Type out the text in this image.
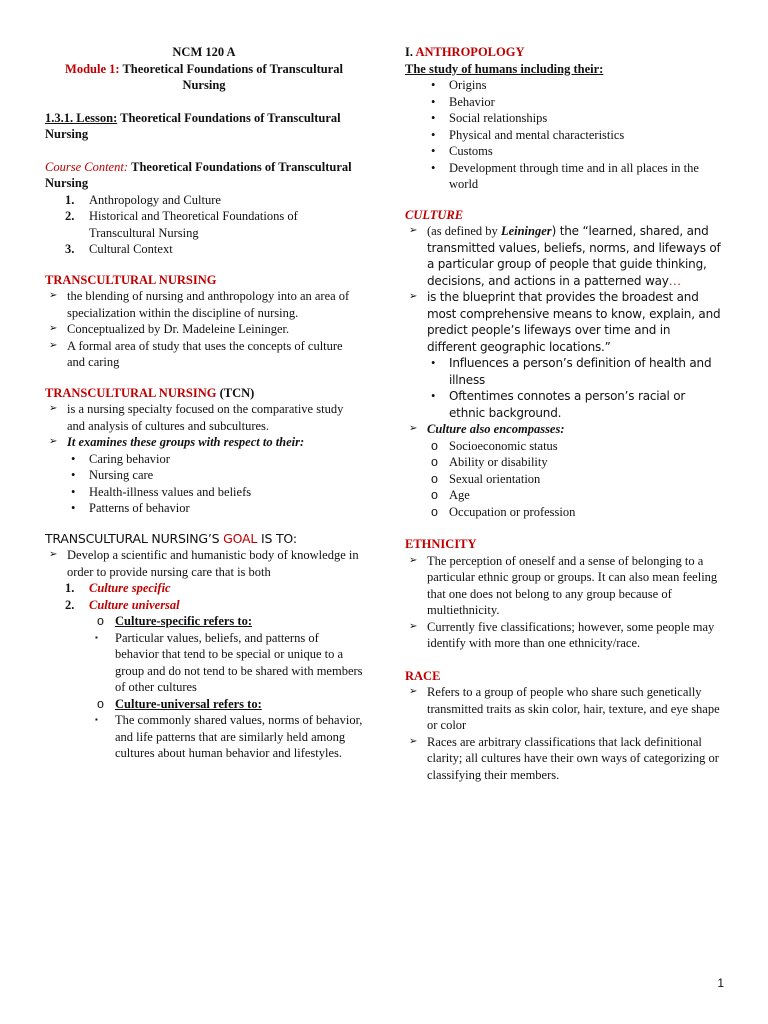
NCM 120 A
Module 1: Theoretical Foundations of Transcultural Nursing
1.3.1. Lesson: Theoretical Foundations of Transcultural Nursing
Course Content: Theoretical Foundations of Transcultural Nursing
1. Anthropology and Culture
2. Historical and Theoretical Foundations of Transcultural Nursing
3. Cultural Context
TRANSCULTURAL NURSING
➢ the blending of nursing and anthropology into an area of specialization within the discipline of nursing.
➢ Conceptualized by Dr. Madeleine Leininger.
➢ A formal area of study that uses the concepts of culture and caring
TRANSCULTURAL NURSING (TCN)
➢ is a nursing specialty focused on the comparative study and analysis of cultures and subcultures.
➢ It examines these groups with respect to their:
• Caring behavior
• Nursing care
• Health-illness values and beliefs
• Patterns of behavior
TRANSCULTURAL NURSING’S GOAL IS TO:
➢ Develop a scientific and humanistic body of knowledge in order to provide nursing care that is both
1. Culture specific
2. Culture universal
o Culture-specific refers to:
▪ Particular values, beliefs, and patterns of behavior that tend to be special or unique to a group and do not tend to be shared with members of other cultures
o Culture-universal refers to:
▪ The commonly shared values, norms of behavior, and life patterns that are similarly held among cultures about human behavior and lifestyles.
I. ANTHROPOLOGY
The study of humans including their:
• Origins
• Behavior
• Social relationships
• Physical and mental characteristics
• Customs
• Development through time and in all places in the world
CULTURE
➢ (as defined by Leininger) the “learned, shared, and transmitted values, beliefs, norms, and lifeways of a particular group of people that guide thinking, decisions, and actions in a patterned way…
➢ is the blueprint that provides the broadest and most comprehensive means to know, explain, and predict people’s lifeways over time and in different geographic locations.”
• Influences a person’s definition of health and illness
• Oftentimes connotes a person’s racial or ethnic background.
➢ Culture also encompasses:
o Socioeconomic status
o Ability or disability
o Sexual orientation
o Age
o Occupation or profession
ETHNICITY
➢ The perception of oneself and a sense of belonging to a particular ethnic group or groups. It can also mean feeling that one does not belong to any group because of multiethnicity.
➢ Currently five classifications; however, some people may identify with more than one ethnicity/race.
RACE
➢ Refers to a group of people who share such genetically transmitted traits as skin color, hair, texture, and eye shape or color
➢ Races are arbitrary classifications that lack definitional clarity; all cultures have their own ways of categorizing or classifying their members.
1
